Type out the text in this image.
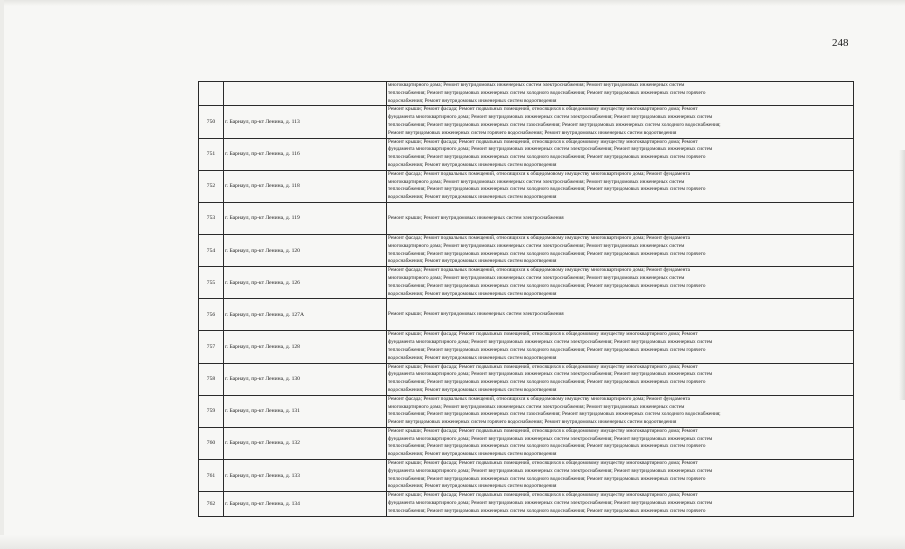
248
		многоквартирного дома; Ремонт внутридомовых инженерных систем электроснабжения; Ремонт внутридомовых инженерных систем
теплоснабжения; Ремонт внутридомовых инженерных систем холодного водоснабжения; Ремонт внутридомовых инженерных систем горячего
водоснабжения; Ремонт внутридомовых инженерных систем водоотведения
750	г. Барнаул, пр-кт Ленина, д. 113	Ремонт крыши; Ремонт фасада; Ремонт подвальных помещений, относящихся к общедомовому имуществу многоквартирного дома; Ремонт
фундамента многоквартирного дома; Ремонт внутридомовых инженерных систем электроснабжения; Ремонт внутридомовых инженерных систем
теплоснабжения; Ремонт внутридомовых инженерных систем газоснабжения; Ремонт внутридомовых инженерных систем холодного водоснабжения;
Ремонт внутридомовых инженерных систем горячего водоснабжения; Ремонт внутридомовых инженерных систем водоотведения
751	г. Барнаул, пр-кт Ленина, д. 116	Ремонт крыши; Ремонт фасада; Ремонт подвальных помещений, относящихся к общедомовому имуществу многоквартирного дома; Ремонт
фундамента многоквартирного дома; Ремонт внутридомовых инженерных систем электроснабжения; Ремонт внутридомовых инженерных систем
теплоснабжения; Ремонт внутридомовых инженерных систем холодного водоснабжения; Ремонт внутридомовых инженерных систем горячего
водоснабжения; Ремонт внутридомовых инженерных систем водоотведения
752	г. Барнаул, пр-кт Ленина, д. 118	Ремонт фасада; Ремонт подвальных помещений, относящихся к общедомовому имуществу многоквартирного дома; Ремонт фундамента
многоквартирного дома; Ремонт внутридомовых инженерных систем электроснабжения; Ремонт внутридомовых инженерных систем
теплоснабжения; Ремонт внутридомовых инженерных систем холодного водоснабжения; Ремонт внутридомовых инженерных систем горячего
водоснабжения; Ремонт внутридомовых инженерных систем водоотведения
753	г. Барнаул, пр-кт Ленина, д. 119	Ремонт крыши; Ремонт внутридомовых инженерных систем электроснабжения
754	г. Барнаул, пр-кт Ленина, д. 120	Ремонт фасада; Ремонт подвальных помещений, относящихся к общедомовому имуществу многоквартирного дома; Ремонт фундамента
многоквартирного дома; Ремонт внутридомовых инженерных систем электроснабжения; Ремонт внутридомовых инженерных систем
теплоснабжения; Ремонт внутридомовых инженерных систем холодного водоснабжения; Ремонт внутридомовых инженерных систем горячего
водоснабжения; Ремонт внутридомовых инженерных систем водоотведения
755	г. Барнаул, пр-кт Ленина, д. 126	Ремонт фасада; Ремонт подвальных помещений, относящихся к общедомовому имуществу многоквартирного дома; Ремонт фундамента
многоквартирного дома; Ремонт внутридомовых инженерных систем электроснабжения; Ремонт внутридомовых инженерных систем
теплоснабжения; Ремонт внутридомовых инженерных систем холодного водоснабжения; Ремонт внутридомовых инженерных систем горячего
водоснабжения; Ремонт внутридомовых инженерных систем водоотведения
756	г. Барнаул, пр-кт Ленина, д. 127А	Ремонт крыши; Ремонт внутридомовых инженерных систем электроснабжения
757	г. Барнаул, пр-кт Ленина, д. 128	Ремонт крыши; Ремонт фасада; Ремонт подвальных помещений, относящихся к общедомовому имуществу многоквартирного дома; Ремонт
фундамента многоквартирного дома; Ремонт внутридомовых инженерных систем электроснабжения; Ремонт внутридомовых инженерных систем
теплоснабжения; Ремонт внутридомовых инженерных систем холодного водоснабжения; Ремонт внутридомовых инженерных систем горячего
водоснабжения; Ремонт внутридомовых инженерных систем водоотведения
758	г. Барнаул, пр-кт Ленина, д. 130	Ремонт крыши; Ремонт фасада; Ремонт подвальных помещений, относящихся к общедомовому имуществу многоквартирного дома; Ремонт
фундамента многоквартирного дома; Ремонт внутридомовых инженерных систем электроснабжения; Ремонт внутридомовых инженерных систем
теплоснабжения; Ремонт внутридомовых инженерных систем холодного водоснабжения; Ремонт внутридомовых инженерных систем горячего
водоснабжения; Ремонт внутридомовых инженерных систем водоотведения
759	г. Барнаул, пр-кт Ленина, д. 131	Ремонт фасада; Ремонт подвальных помещений, относящихся к общедомовому имуществу многоквартирного дома; Ремонт фундамента
многоквартирного дома; Ремонт внутридомовых инженерных систем электроснабжения; Ремонт внутридомовых инженерных систем
теплоснабжения; Ремонт внутридомовых инженерных систем газоснабжения; Ремонт внутридомовых инженерных систем холодного водоснабжения;
Ремонт внутридомовых инженерных систем горячего водоснабжения; Ремонт внутридомовых инженерных систем водоотведения
760	г. Барнаул, пр-кт Ленина, д. 132	Ремонт крыши; Ремонт фасада; Ремонт подвальных помещений, относящихся к общедомовому имуществу многоквартирного дома; Ремонт
фундамента многоквартирного дома; Ремонт внутридомовых инженерных систем электроснабжения; Ремонт внутридомовых инженерных систем
теплоснабжения; Ремонт внутридомовых инженерных систем холодного водоснабжения; Ремонт внутридомовых инженерных систем горячего
водоснабжения; Ремонт внутридомовых инженерных систем водоотведения
761	г. Барнаул, пр-кт Ленина, д. 133	Ремонт крыши; Ремонт фасада; Ремонт подвальных помещений, относящихся к общедомовому имуществу многоквартирного дома; Ремонт
фундамента многоквартирного дома; Ремонт внутридомовых инженерных систем электроснабжения; Ремонт внутридомовых инженерных систем
теплоснабжения; Ремонт внутридомовых инженерных систем холодного водоснабжения; Ремонт внутридомовых инженерных систем горячего
водоснабжения; Ремонт внутридомовых инженерных систем водоотведения
762	г. Барнаул, пр-кт Ленина, д. 134	Ремонт крыши; Ремонт фасада; Ремонт подвальных помещений, относящихся к общедомовому имуществу многоквартирного дома; Ремонт
фундамента многоквартирного дома; Ремонт внутридомовых инженерных систем электроснабжения; Ремонт внутридомовых инженерных систем
теплоснабжения; Ремонт внутридомовых инженерных систем холодного водоснабжения; Ремонт внутридомовых инженерных систем горячего
